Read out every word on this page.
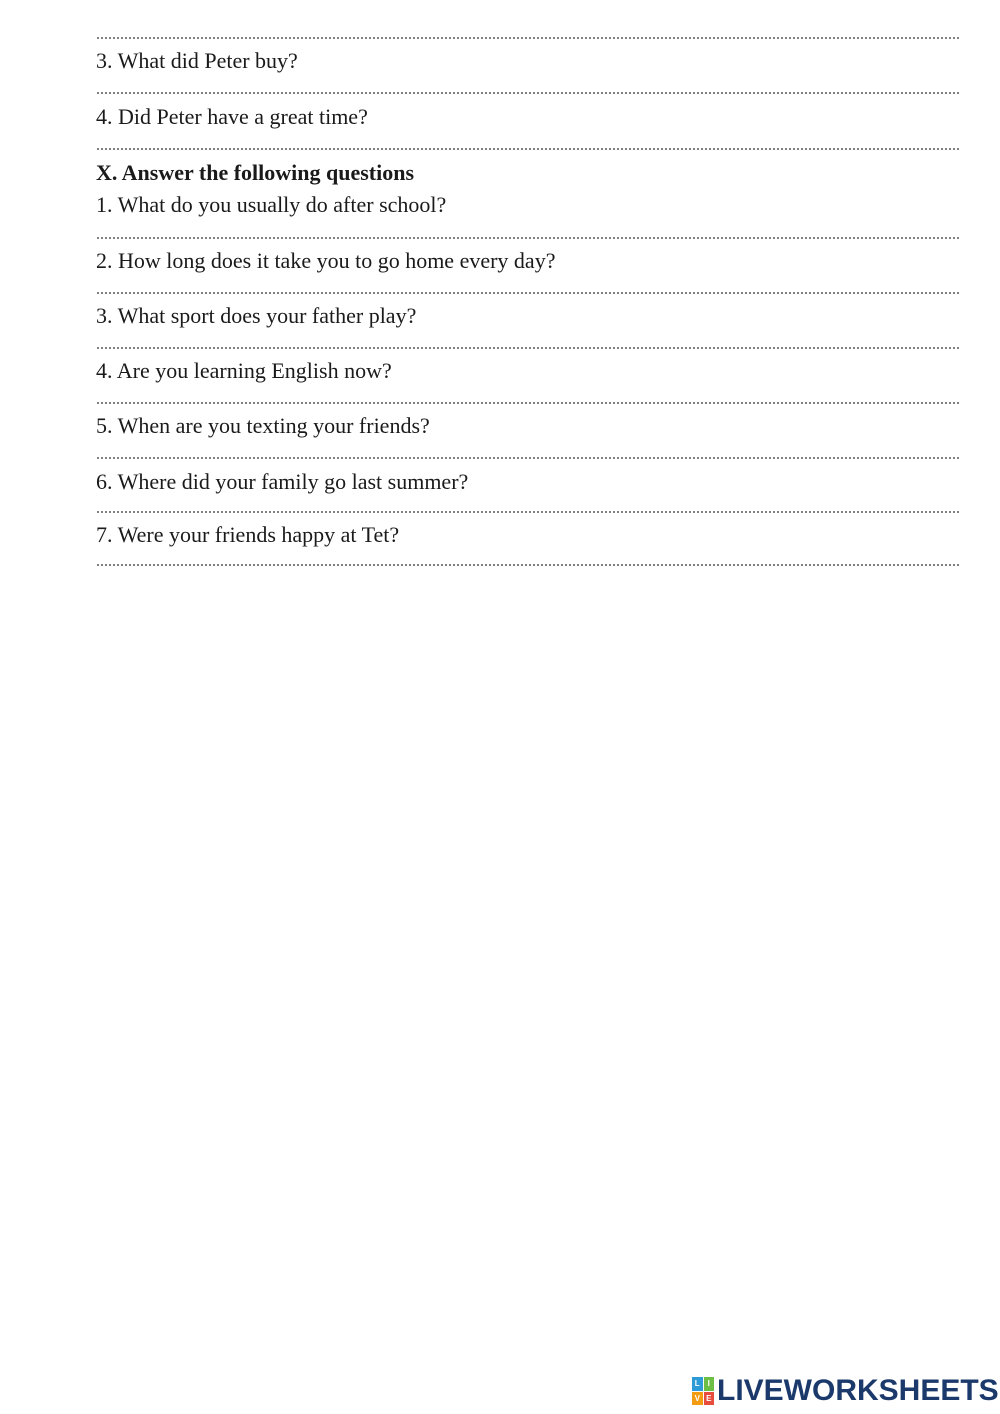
3. What did Peter buy?
4. Did Peter have a great time?
X. Answer the following questions
1. What do you usually do after school?
2. How long does it take you to go home every day?
3. What sport does your father play?
4. Are you learning English now?
5. When are you texting your friends?
6. Where did your family go last summer?
7. Were your friends happy at Tet?
L I
V E LIVEWORKSHEETS
